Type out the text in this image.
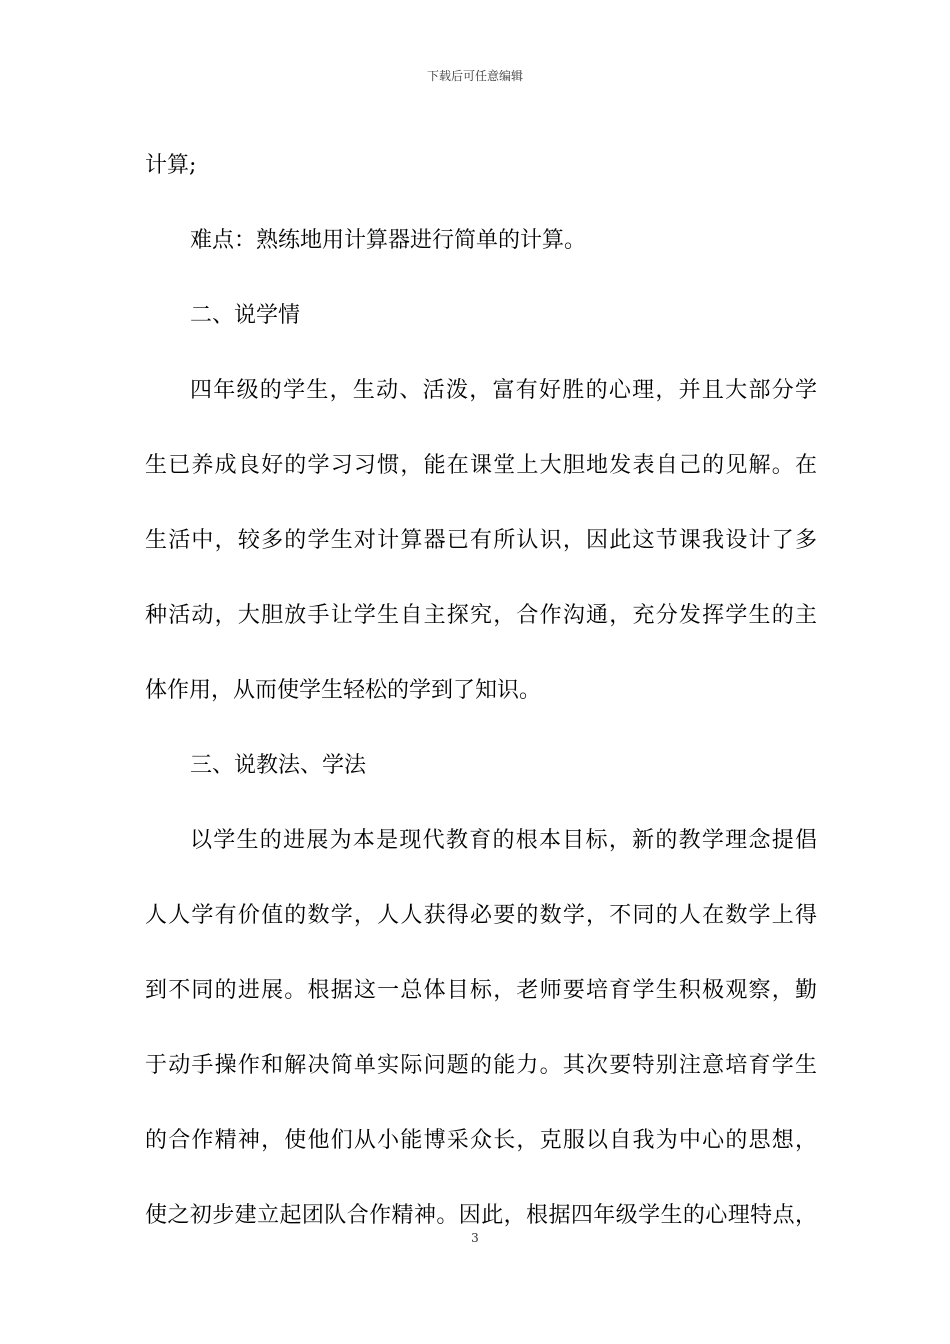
下载后可任意编辑
计算;
难点：熟练地用计算器进行简单的计算。
二、说学情
四年级的学生，生动、活泼，富有好胜的心理，并且大部分学
生已养成良好的学习习惯，能在课堂上大胆地发表自己的见解。在
生活中，较多的学生对计算器已有所认识，因此这节课我设计了多
种活动，大胆放手让学生自主探究，合作沟通，充分发挥学生的主
体作用，从而使学生轻松的学到了知识。
三、说教法、学法
以学生的进展为本是现代教育的根本目标，新的教学理念提倡
人人学有价值的数学，人人获得必要的数学，不同的人在数学上得
到不同的进展。根据这一总体目标，老师要培育学生积极观察，勤
于动手操作和解决简单实际问题的能力。其次要特别注意培育学生
的合作精神，使他们从小能博采众长，克服以自我为中心的思想，
使之初步建立起团队合作精神。因此，根据四年级学生的心理特点，
3
